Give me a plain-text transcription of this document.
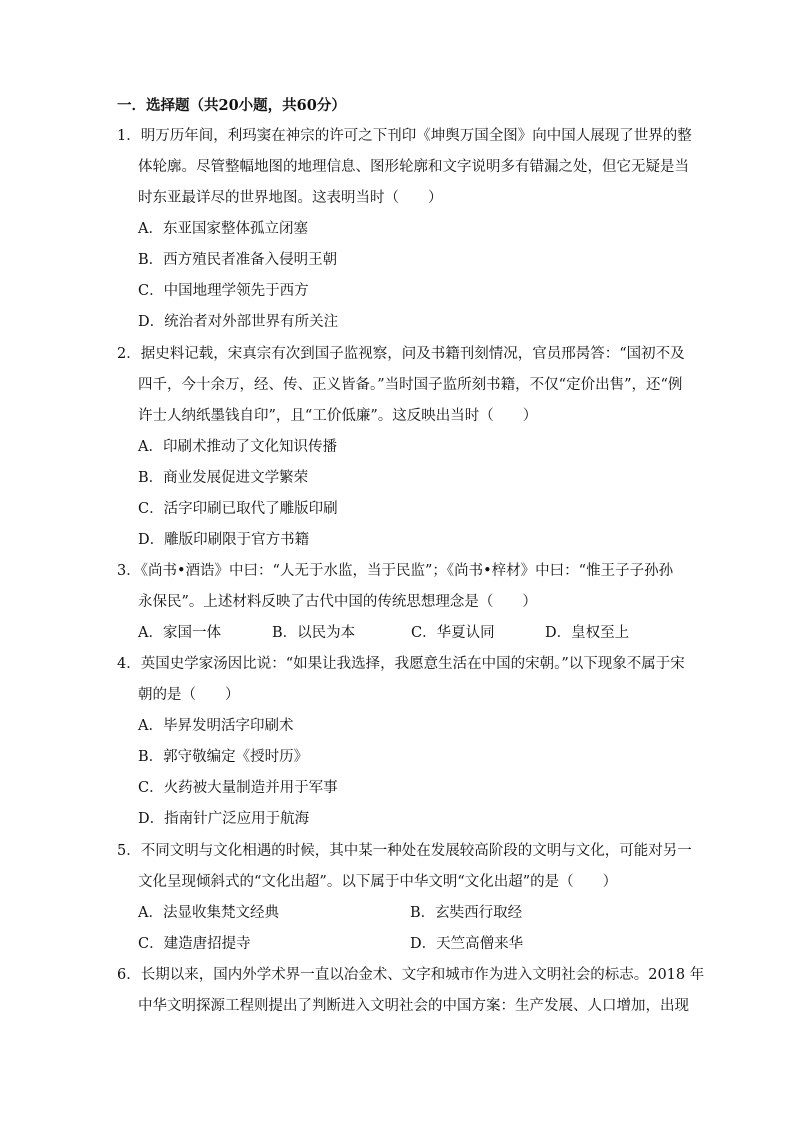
一．选择题（共20小题，共60分）
1．明万历年间，利玛窦在神宗的许可之下刊印《坤舆万国全图》向中国人展现了世界的整
体轮廓。尽管整幅地图的地理信息、图形轮廓和文字说明多有错漏之处，但它无疑是当
时东亚最详尽的世界地图。这表明当时（　　）
A．东亚国家整体孤立闭塞
B．西方殖民者准备入侵明王朝
C．中国地理学领先于西方
D．统治者对外部世界有所关注
2．据史料记载，宋真宗有次到国子监视察，问及书籍刊刻情况，官员邢昺答：“国初不及
四千，今十余万，经、传、正义皆备。”当时国子监所刻书籍，不仅“定价出售”，还“例
许士人纳纸墨钱自印”，且“工价低廉”。这反映出当时（　　）
A．印刷术推动了文化知识传播
B．商业发展促进文学繁荣
C．活字印刷已取代了雕版印刷
D．雕版印刷限于官方书籍
3．《尚书•酒诰》中曰：“人无于水监，当于民监”；《尚书•梓材》中曰：“惟王子子孙孙
永保民”。上述材料反映了古代中国的传统思想理念是（　　）
A．家国一体	B．以民为本	C．华夏认同	D．皇权至上
4．英国史学家汤因比说：“如果让我选择，我愿意生活在中国的宋朝。”以下现象不属于宋
朝的是（　　）
A．毕昇发明活字印刷术
B．郭守敬编定《授时历》
C．火药被大量制造并用于军事
D．指南针广泛应用于航海
5．不同文明与文化相遇的时候，其中某一种处在发展较高阶段的文明与文化，可能对另一
文化呈现倾斜式的“文化出超”。以下属于中华文明“文化出超”的是（　　）
A．法显收集梵文经典	B．玄奘西行取经
C．建造唐招提寺	D．天竺高僧来华
6．长期以来，国内外学术界一直以冶金术、文字和城市作为进入文明社会的标志。2018 年
中华文明探源工程则提出了判断进入文明社会的中国方案：生产发展、人口增加，出现
